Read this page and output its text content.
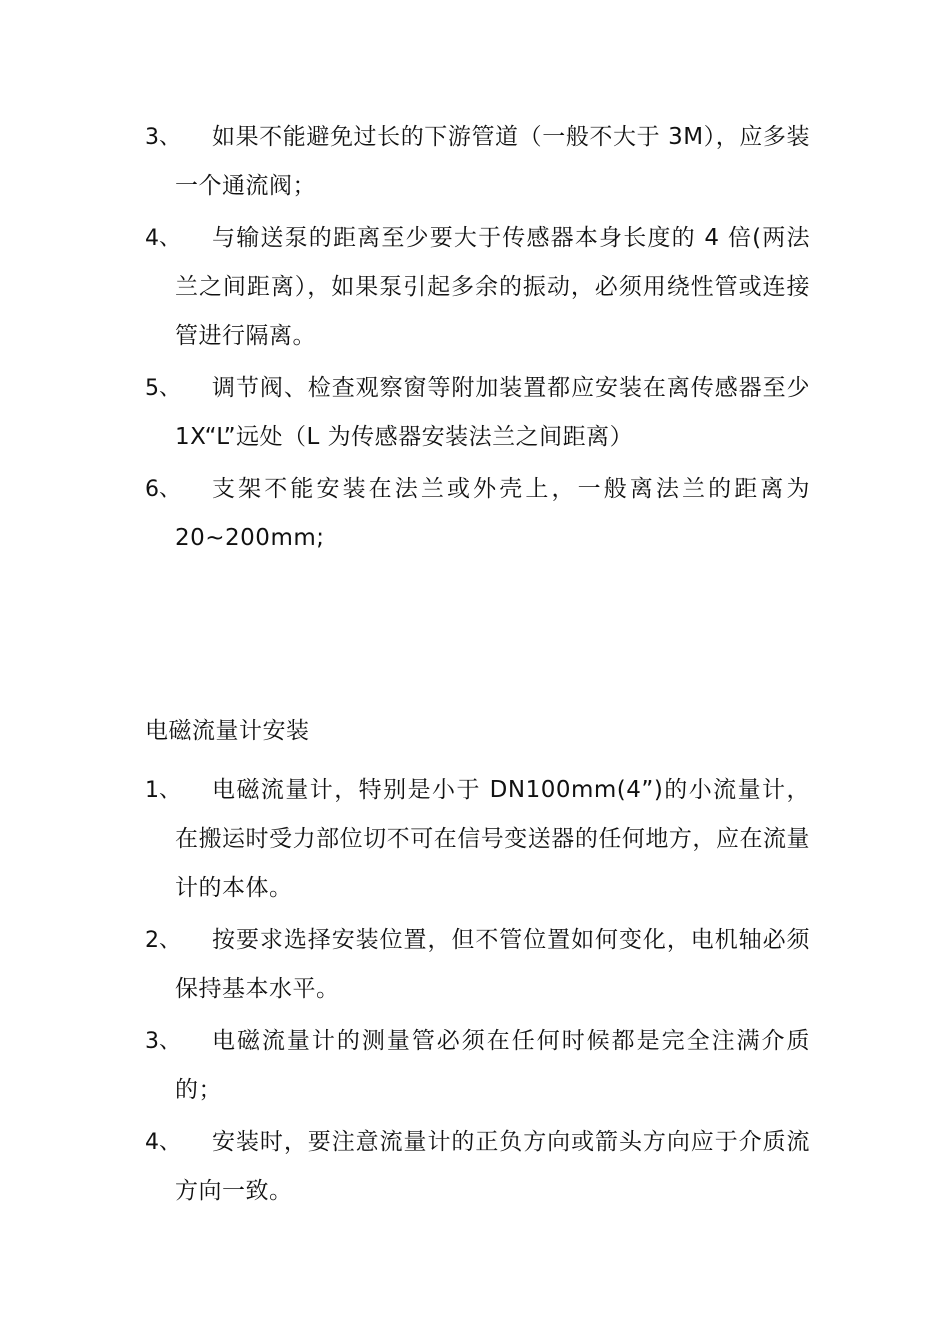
3、	如果不能避免过长的下游管道（一般不大于 3M），应多装一个通流阀；
4、	与输送泵的距离至少要大于传感器本身长度的 4 倍(两法兰之间距离），如果泵引起多余的振动，必须用绕性管或连接管进行隔离。
5、	调节阀、检查观察窗等附加装置都应安装在离传感器至少 1X“L”远处（L 为传感器安装法兰之间距离）
6、	支架不能安装在法兰或外壳上，一般离法兰的距离为 20~200mm;
电磁流量计安装
1、	电磁流量计，特别是小于 DN100mm(4”)的小流量计，在搬运时受力部位切不可在信号变送器的任何地方，应在流量计的本体。
2、	按要求选择安装位置，但不管位置如何变化，电机轴必须保持基本水平。
3、	电磁流量计的测量管必须在任何时候都是完全注满介质的；
4、	安装时，要注意流量计的正负方向或箭头方向应于介质流方向一致。
